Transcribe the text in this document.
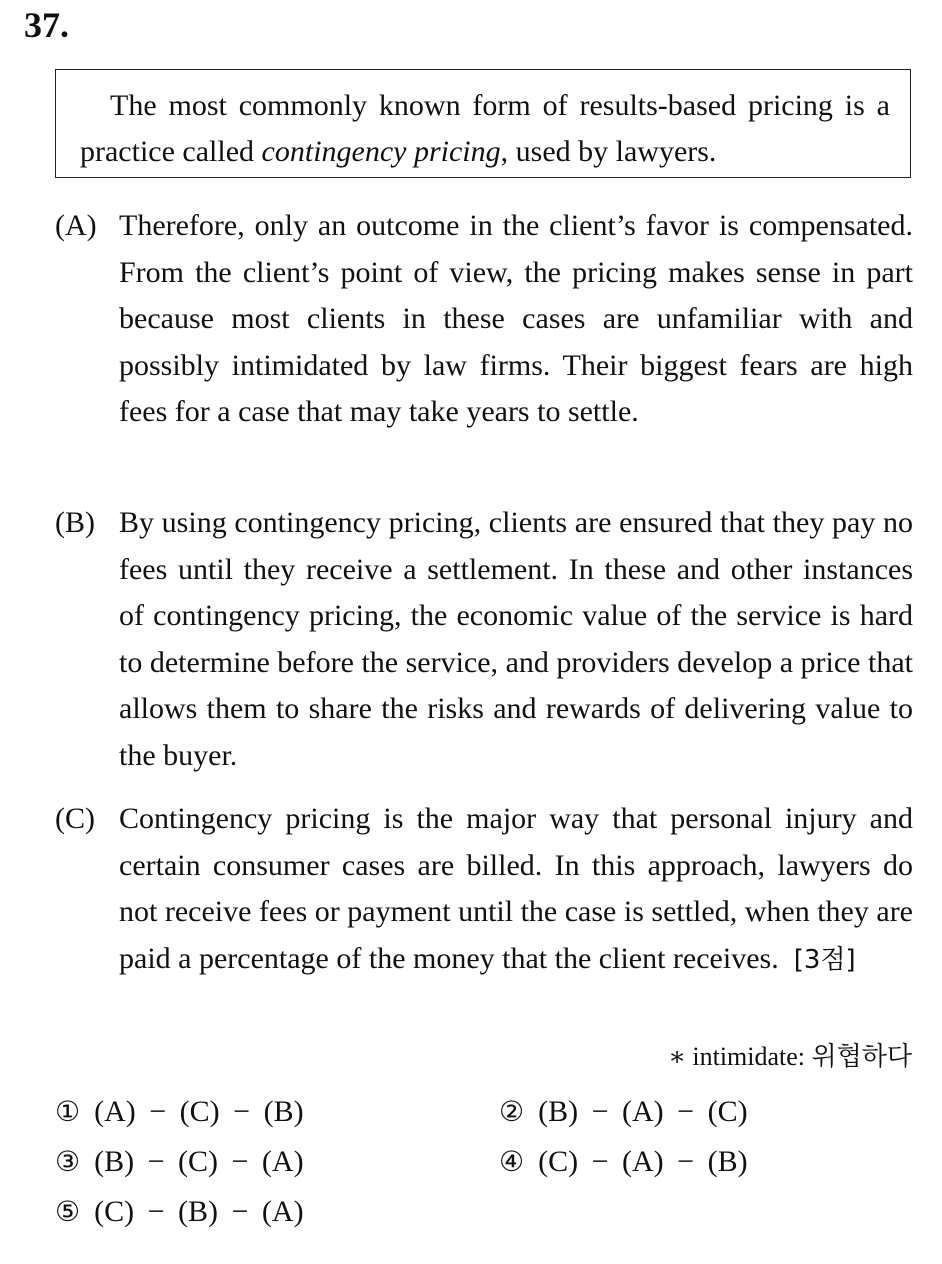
37.
The most commonly known form of results-based pricing is a practice called contingency pricing, used by lawyers.
(A) Therefore, only an outcome in the client’s favor is compensated. From the client’s point of view, the pricing makes sense in part because most clients in these cases are unfamiliar with and possibly intimidated by law firms. Their biggest fears are high fees for a case that may take years to settle.
(B) By using contingency pricing, clients are ensured that they pay no fees until they receive a settlement. In these and other instances of contingency pricing, the economic value of the service is hard to determine before the service, and providers develop a price that allows them to share the risks and rewards of delivering value to the buyer.
(C) Contingency pricing is the major way that personal injury and certain consumer cases are billed. In this approach, lawyers do not receive fees or payment until the case is settled, when they are paid a percentage of the money that the client receives. [3점]
∗ intimidate: 위협하다
① (A) − (C) − (B)	② (B) − (A) − (C)
③ (B) − (C) − (A)	④ (C) − (A) − (B)
⑤ (C) − (B) − (A)
